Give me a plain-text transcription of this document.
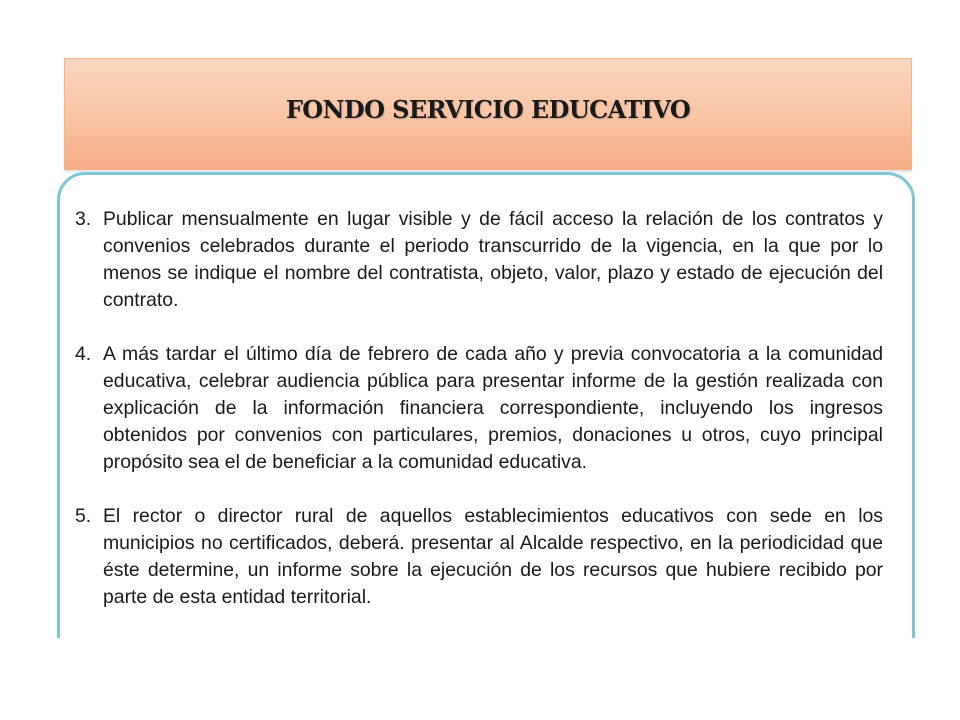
FONDO SERVICIO EDUCATIVO
3. Publicar mensualmente en lugar visible y de fácil acceso la relación de los contratos y convenios celebrados durante el periodo transcurrido de la vigencia, en la que por lo menos se indique el nombre del contratista, objeto, valor, plazo y estado de ejecución del contrato.
4. A más tardar el último día de febrero de cada año y previa convocatoria a la comunidad educativa, celebrar audiencia pública para presentar informe de la gestión realizada con explicación de la información financiera correspondiente, incluyendo los ingresos obtenidos por convenios con particulares, premios, donaciones u otros, cuyo principal propósito sea el de beneficiar a la comunidad educativa.
5. El rector o director rural de aquellos establecimientos educativos con sede en los municipios no certificados, deberá. presentar al Alcalde respectivo, en la periodicidad que éste determine, un informe sobre la ejecución de los recursos que hubiere recibido por parte de esta entidad territorial.
